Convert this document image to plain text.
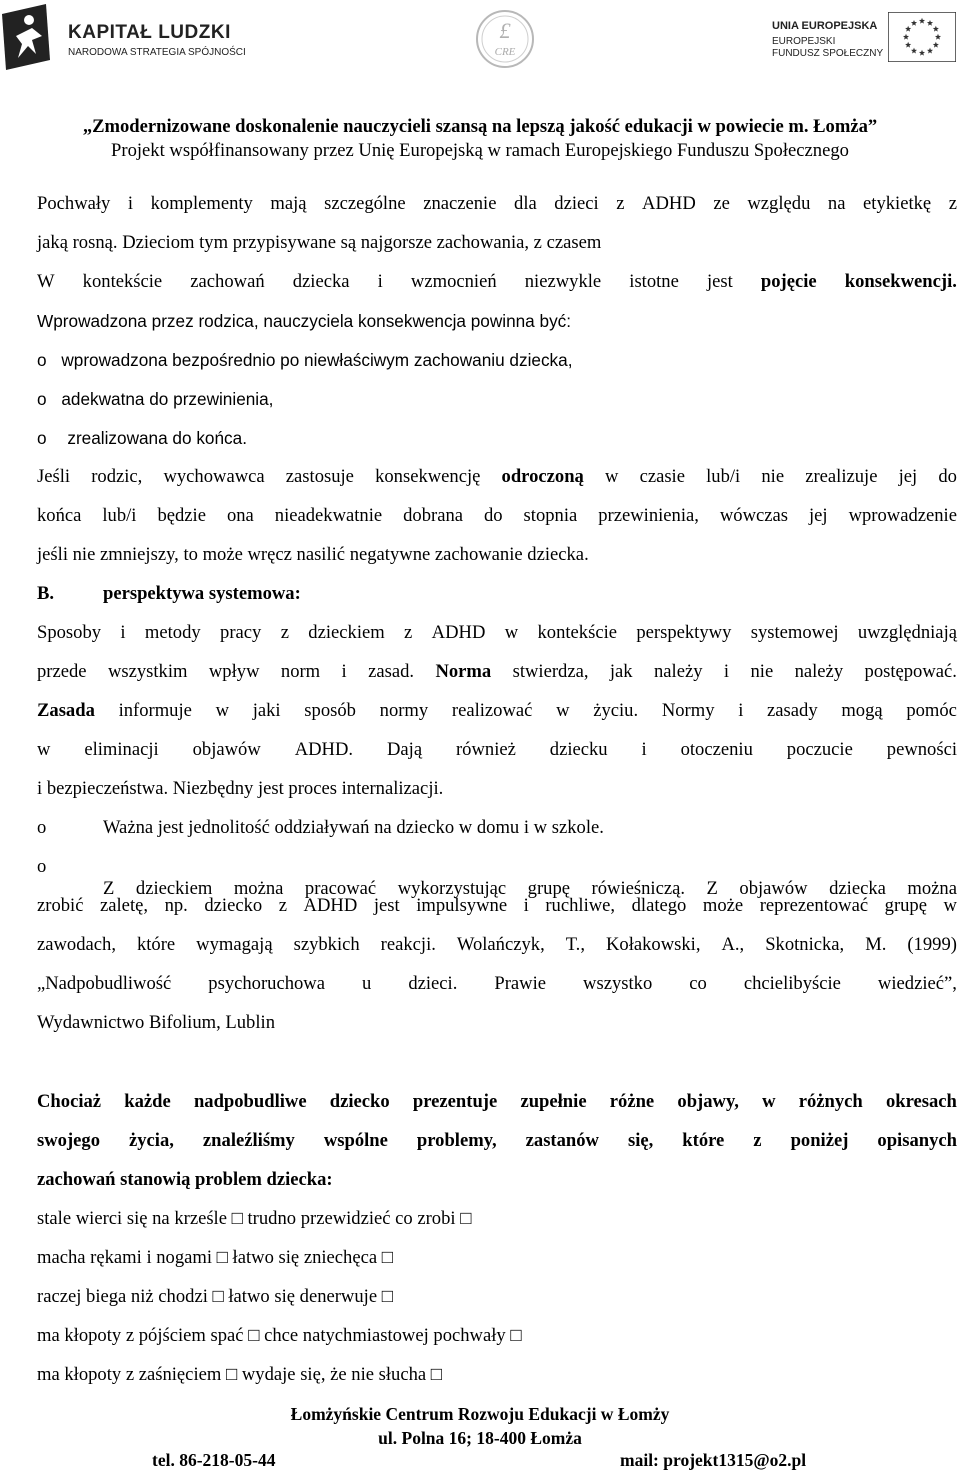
KAPITAŁ LUDZKI
NARODOWA STRATEGIA SPÓJNOŚCI
£
CRE
UNIA EUROPEJSKA
EUROPEJSKI
FUNDUSZ SPOŁECZNY
„Zmodernizowane doskonalenie nauczycieli szansą na lepszą jakość edukacji w powiecie m. Łomża”
Projekt współfinansowany przez Unię Europejską w ramach Europejskiego Funduszu Społecznego
Pochwały i komplementy mają szczególne znaczenie dla dzieci z ADHD ze względu na etykietkę z
jaką rosną. Dzieciom tym przypisywane są najgorsze zachowania, z czasem
W kontekście zachowań dziecka i wzmocnień niezwykle istotne jest pojęcie konsekwencji.
Wprowadzona przez rodzica, nauczyciela konsekwencja powinna być:
o wprowadzona bezpośrednio po niewłaściwym zachowaniu dziecka,
o adekwatna do przewinienia,
o zrealizowana do końca.
Jeśli rodzic, wychowawca zastosuje konsekwencję odroczoną w czasie lub/i nie zrealizuje jej do
końca lub/i będzie ona nieadekwatnie dobrana do stopnia przewinienia, wówczas jej wprowadzenie
jeśli nie zmniejszy, to może wręcz nasilić negatywne zachowanie dziecka.
B.	perspektywa systemowa:
Sposoby i metody pracy z dzieckiem z ADHD w kontekście perspektywy systemowej uwzględniają
przede wszystkim wpływ norm i zasad. Norma stwierdza, jak należy i nie należy postępować.
Zasada informuje w jaki sposób normy realizować w życiu. Normy i zasady mogą pomóc
w eliminacji objawów ADHD. Dają również dziecku i otoczeniu poczucie pewności
i bezpieczeństwa. Niezbędny jest proces internalizacji.
o	Ważna jest jednolitość oddziaływań na dziecko w domu i w szkole.
o
Z dzieckiem można pracować wykorzystując grupę rówieśniczą. Z objawów dziecka można
zrobić zaletę, np. dziecko z ADHD jest impulsywne i ruchliwe, dlatego może reprezentować grupę w
zawodach, które wymagają szybkich reakcji. Wolańczyk, T., Kołakowski, A., Skotnicka, M. (1999)
„Nadpobudliwość psychoruchowa u dzieci. Prawie wszystko co chcielibyście wiedzieć”,
Wydawnictwo Bifolium, Lublin
Chociaż każde nadpobudliwe dziecko prezentuje zupełnie różne objawy, w różnych okresach
swojego życia, znaleźliśmy wspólne problemy, zastanów się, które z poniżej opisanych
zachowań stanowią problem dziecka:
stale wierci się na krześle □ trudno przewidzieć co zrobi □
macha rękami i nogami □ łatwo się zniechęca □
raczej biega niż chodzi □ łatwo się denerwuje □
ma kłopoty z pójściem spać □ chce natychmiastowej pochwały □
ma kłopoty z zaśnięciem □ wydaje się, że nie słucha □
Łomżyńskie Centrum Rozwoju Edukacji w Łomży
ul. Polna 16; 18-400 Łomża
tel. 86-218-05-44	mail: projekt1315@o2.pl
